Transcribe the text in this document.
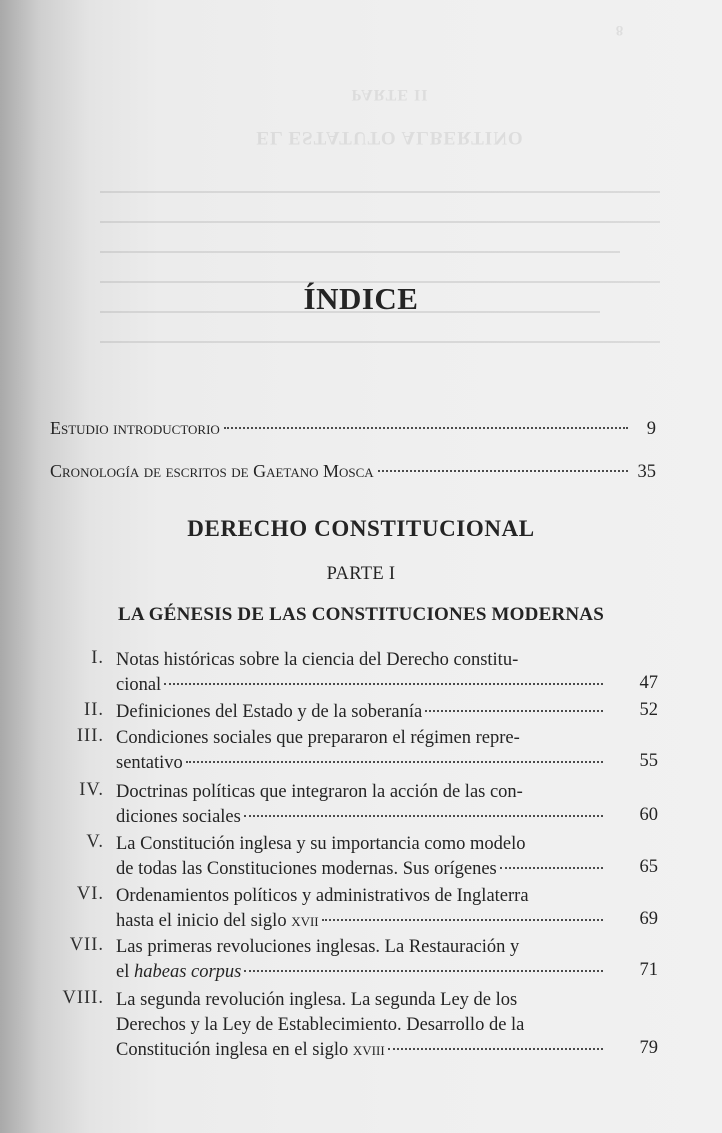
EL ESTATUTO ALBERTINO
PARTE II
8
ÍNDICE
Estudio introductorio	9
Cronología de escritos de Gaetano Mosca	35
DERECHO CONSTITUCIONAL
PARTE I
LA GÉNESIS DE LAS CONSTITUCIONES MODERNAS
I. Notas históricas sobre la ciencia del Derecho constitu-
cional	47
II. Definiciones del Estado y de la soberanía	52
III. Condiciones sociales que prepararon el régimen repre-
sentativo	55
IV. Doctrinas políticas que integraron la acción de las con-
diciones sociales	60
V. La Constitución inglesa y su importancia como modelo
de todas las Constituciones modernas. Sus orígenes	65
VI. Ordenamientos políticos y administrativos de Inglaterra
hasta el inicio del siglo
xvii	69
VII. Las primeras revoluciones inglesas. La Restauración y
el
habeas corpus	71
VIII. La segunda revolución inglesa. La segunda Ley de los
Derechos y la Ley de Establecimiento. Desarrollo de la
Constitución inglesa en el siglo
xviii	79
